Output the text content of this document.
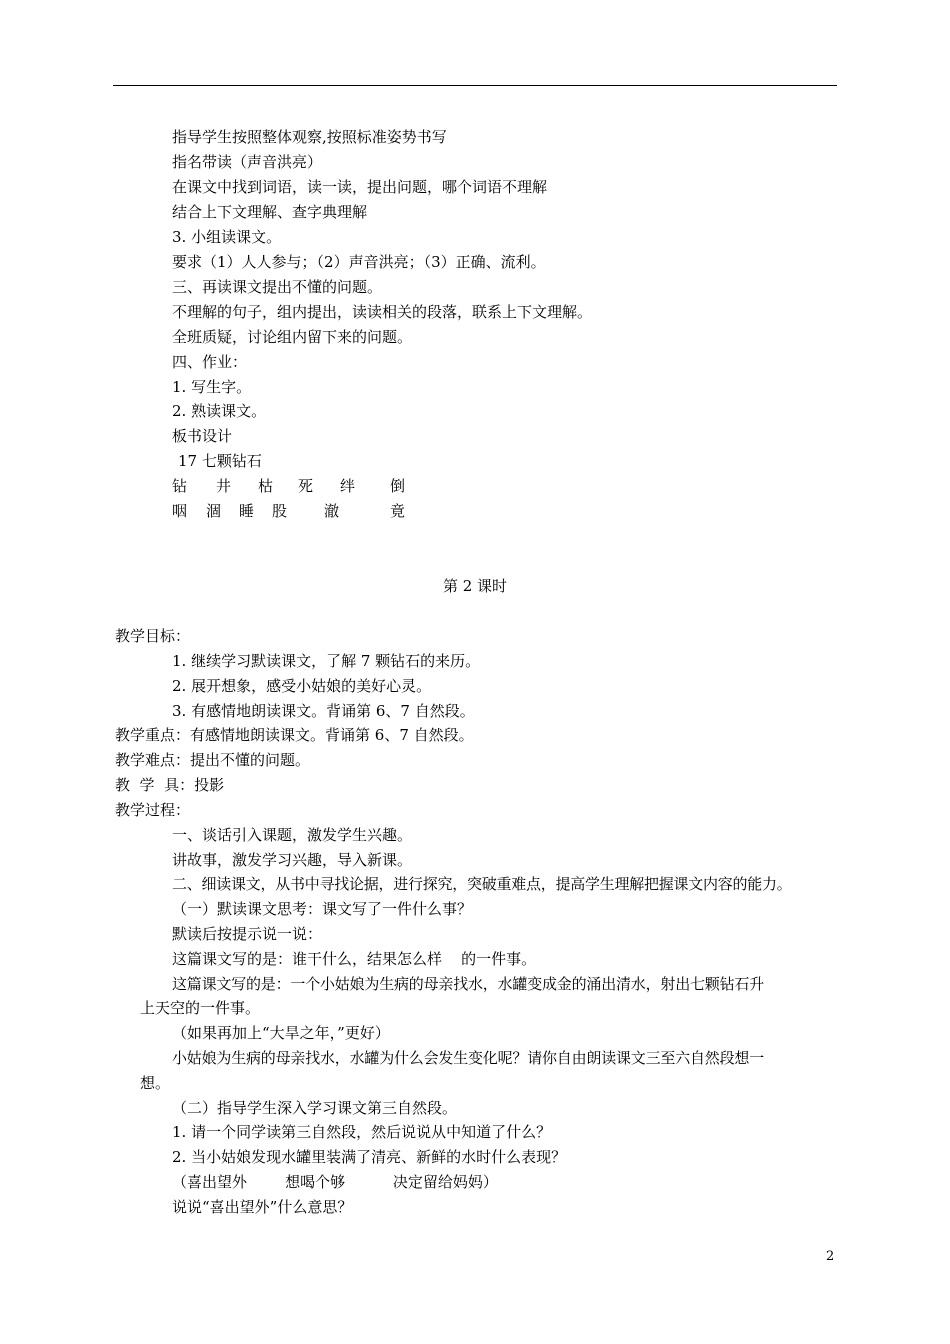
指导学生按照整体观察,按照标准姿势书写
指名带读（声音洪亮）
在课文中找到词语，读一读，提出问题，哪个词语不理解
结合上下文理解、查字典理解
3. 小组读课文。
要求（1）人人参与；（2）声音洪亮；（3）正确、流利。
三、再读课文提出不懂的问题。
不理解的句子，组内提出，读读相关的段落，联系上下文理解。
全班质疑，讨论组内留下来的问题。
四、作业：
1. 写生字。
2. 熟读课文。
板书设计
17 七颗钻石
钻 井 枯 死 绊 倒
咽 涸 睡 股 澈	竟
第 2 课时
教学目标：
1. 继续学习默读课文，了解 7 颗钻石的来历。
2. 展开想象，感受小姑娘的美好心灵。
3. 有感情地朗读课文。背诵第 6、7 自然段。
教学重点：有感情地朗读课文。背诵第 6、7 自然段。
教学难点：提出不懂的问题。
教  学  具：投影
教学过程：
一、谈话引入课题，激发学生兴趣。
讲故事，激发学习兴趣，导入新课。
二、细读课文，从书中寻找论据，进行探究，突破重难点，提高学生理解把握课文内容的能力。
（一）默读课文思考：课文写了一件什么事？
默读后按提示说一说：
这篇课文写的是：谁干什么，结果怎么样    的一件事。
这篇课文写的是：一个小姑娘为生病的母亲找水，水罐变成金的涌出清水，射出七颗钻石升
上天空的一件事。
（如果再加上“大旱之年，”更好）
小姑娘为生病的母亲找水，水罐为什么会发生变化呢？请你自由朗读课文三至六自然段想一
想。
（二）指导学生深入学习课文第三自然段。
1. 请一个同学读第三自然段，然后说说从中知道了什么？
2. 当小姑娘发现水罐里装满了清亮、新鲜的水时什么表现？
（喜出望外        想喝个够          决定留给妈妈）
说说“喜出望外”什么意思？
2
